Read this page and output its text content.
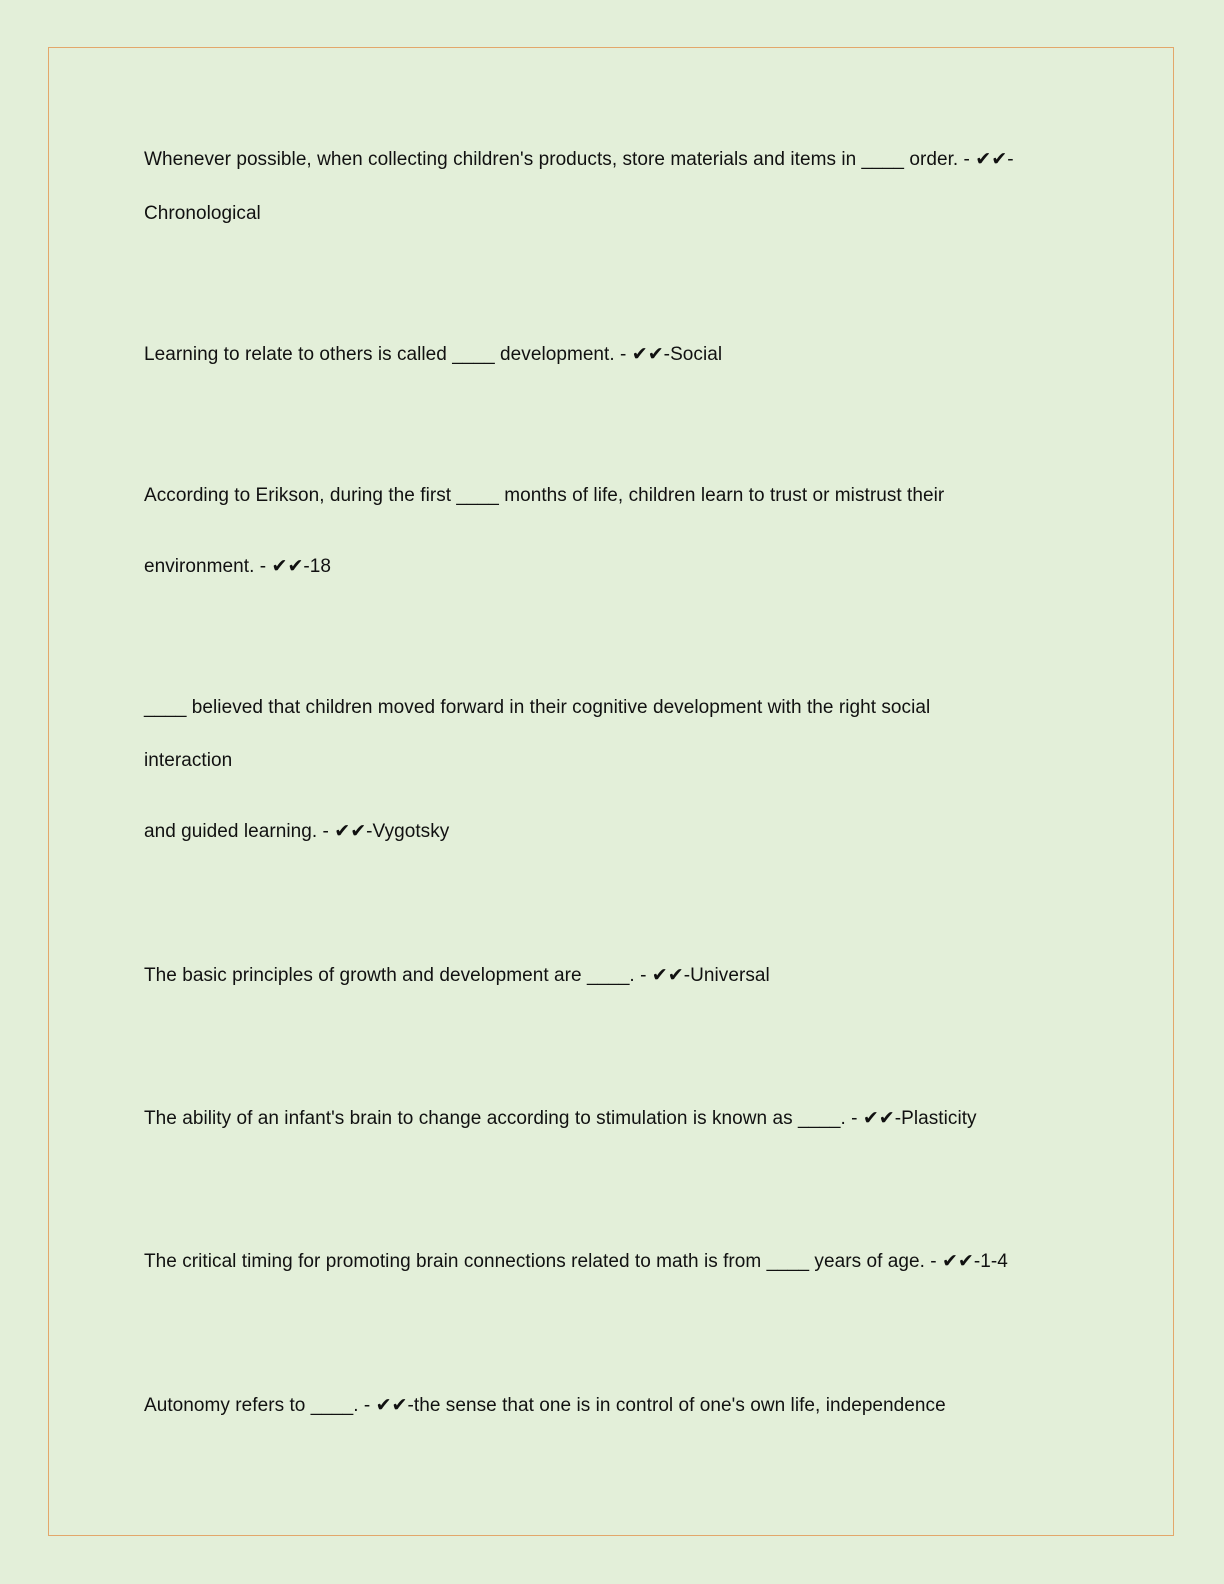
Whenever possible, when collecting children's products, store materials and items in ____ order. - ✔✔-
Chronological
Learning to relate to others is called ____ development. - ✔✔-Social
According to Erikson, during the first ____ months of life, children learn to trust or mistrust their
environment. - ✔✔-18
____ believed that children moved forward in their cognitive development with the right social
interaction
and guided learning. - ✔✔-Vygotsky
The basic principles of growth and development are ____. - ✔✔-Universal
The ability of an infant's brain to change according to stimulation is known as ____. - ✔✔-Plasticity
The critical timing for promoting brain connections related to math is from ____ years of age. - ✔✔-1-4
Autonomy refers to ____. - ✔✔-the sense that one is in control of one's own life, independence
